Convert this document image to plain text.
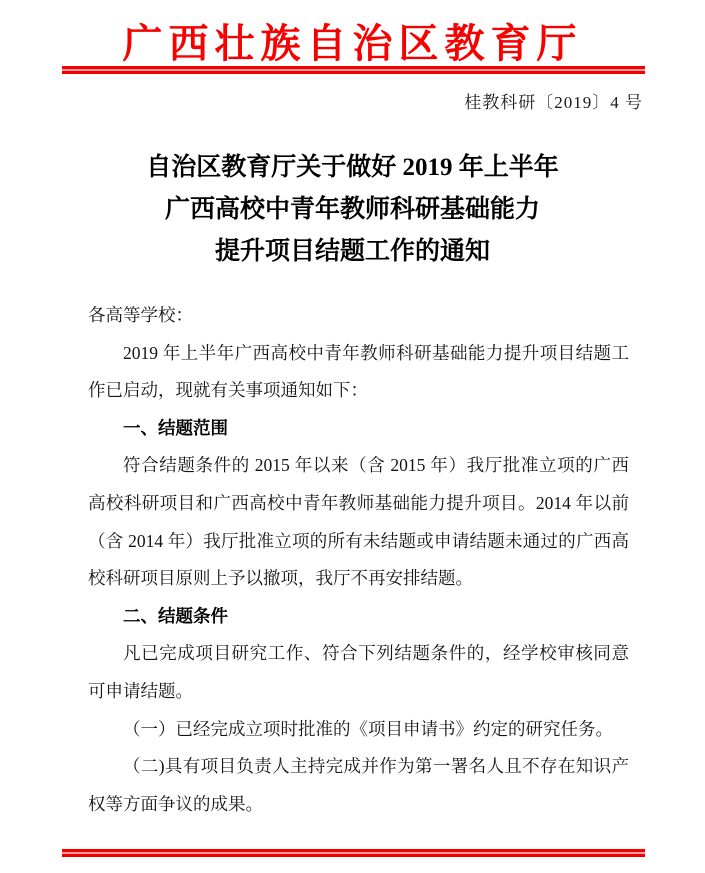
广西壮族自治区教育厅
桂教科研〔2019〕4 号
自治区教育厅关于做好 2019 年上半年
广西高校中青年教师科研基础能力
提升项目结题工作的通知

各高等学校：

2019 年上半年广西高校中青年教师科研基础能力提升项目结题工作已启动，现就有关事项通知如下：

一、结题范围

符合结题条件的 2015 年以来（含 2015 年）我厅批准立项的广西高校科研项目和广西高校中青年教师基础能力提升项目。2014 年以前（含 2014 年）我厅批准立项的所有未结题或申请结题未通过的广西高校科研项目原则上予以撤项，我厅不再安排结题。

二、结题条件

凡已完成项目研究工作、符合下列结题条件的，经学校审核同意可申请结题。

（一）已经完成立项时批准的《项目申请书》约定的研究任务。

（二)具有项目负责人主持完成并作为第一署名人且不存在知识产权等方面争议的成果。
